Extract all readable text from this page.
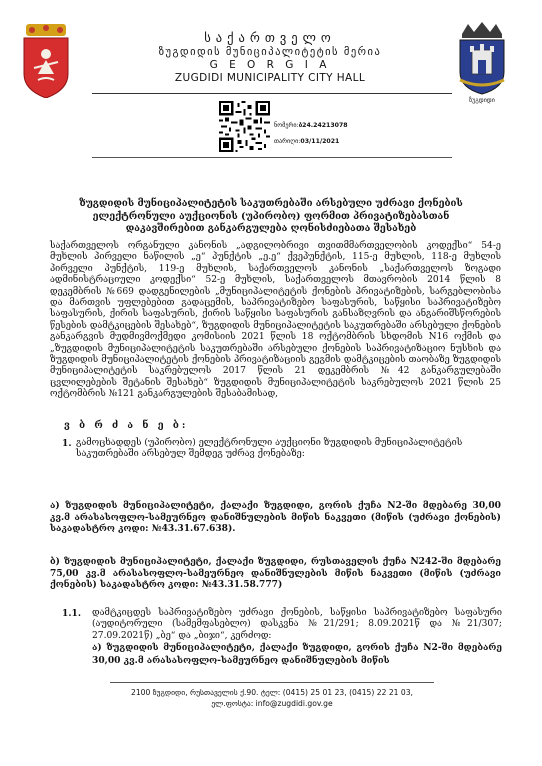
საქართველო
ზუგდიდის მუნიციპალიტეტის მერია
G E O R G I A
ZUGDIDI MUNICIPALITY CITY HALL
ზუგდიდი
ნომერი:ბ24.24213078
თარიღი:03/11/2021
ზუგდიდის მუნიციპალიტეტის საკუთრებაში არსებული უძრავი ქონების ელექტრონული აუქციონის (უპირობო) ფორმით პრივატიზებასთან დაკავშირებით განკარგულება ღონისძიებათა შესახებ
საქართველოს ორგანული კანონის „ადგილობრივი თვითმმართველობის კოდექსი“ 54-ე მუხლის პირველი ნაწილის „ე“ პუნქტის „ე.ე“ ქვეპუნქტის, 115-ე მუხლის, 118-ე მუხლის პირველი პუნქტის, 119-ე მუხლის, საქართველოს კანონის „საქართველოს ზოგადი ადმინისტრაციული კოდექსი“ 52-ე მუხლის, საქართველოს მთავრობის 2014 წლის 8 დეკემბრის №669 დადგენილების „მუნიციპალიტეტის ქონების პრივატიზების, სარგებლობისა და მართვის უფლებებით გადაცემის, საპრივატიზებო საფასურის, საწყისი საპრივატიზებო საფასურის, ქირის საფასურის, ქირის საწყისი საფასურის განსაზღვრის და ანგარიშსწორების წესების დამტკიცების შესახებ“, ზუგდიდის მუნიციპალიტეტის საკუთრებაში არსებული ქონების განკარგვის მუდმივმოქმედი კომისიის 2021 წლის 18 ოქტომბრის სხდომის N16 ოქმის და „ზუგდიდის მუნიციპალიტეტის საკუთრებაში არსებული ქონების საპრივატიზაციო ნუსხის და ზუგდიდის მუნიციპალიტეტის ქონების პრივატიზაციის გეგმის დამტკიცების თაობაზე ზუგდიდის მუნიციპალიტეტის საკრებულოს 2017 წლის 21 დეკემბრის №42 განკარგულებაში ცვლილებების შეტანის შესახებ“ ზუგდიდის მუნიციპალიტეტის საკრებულოს 2021 წლის 25 ოქტომბრის №121 განკარგულების შესაბამისად,
ვ ბ რ ძ ა ნ ე ბ:
1. გამოცხადდეს (უპირობო) ელექტრონული აუქციონი ზუგდიდის მუნიციპალიტეტის საკუთრებაში არსებულ შემდეგ უძრავ ქონებაზე:
ა) ზუგდიდის მუნიციპალიტეტი, ქალაქი ზუგდიდი, გორის ქუჩა N2-ში მდებარე 30,00 კვ.მ არასასოფლო-სამეურნეო დანიშნულების მიწის ნაკვეთი (მიწის (უძრავი ქონების) საკადასტრო კოდი: №43.31.67.638).
ბ) ზუგდიდის მუნიციპალიტეტი, ქალაქი ზუგდიდი, რუსთაველის ქუჩა N242-ში მდებარე 75,00 კვ.მ არასასოფლო-სამეურნეო დანიშნულების მიწის ნაკვეთი (მიწის (უძრავი ქონების) საკადასტრო კოდი: №43.31.58.777)
1.1. დამტკიცდეს საპრივატიზებო უძრავი ქონების, საწყისი საპრივატიზებო საფასური (აუდიტორული (სამემფასებლო) დასკვნა №21/291; 8.09.2021წ და №21/307; 27.09.2021წ) „ბე“ და „ბიჯი“, კერძოდ:
ა) ზუგდიდის მუნიციპალიტეტი, ქალაქი ზუგდიდი, გორის ქუჩა N2-ში მდებარე 30,00 კვ.მ არასასოფლო-სამეურნეო დანიშნულების მიწის
2100 ზუგდიდი, რუსთაველის ქ.90. ტელ: (0415) 25 01 23, (0415) 22 21 03,
ელ.ფოსტა: info@zugdidi.gov.ge
